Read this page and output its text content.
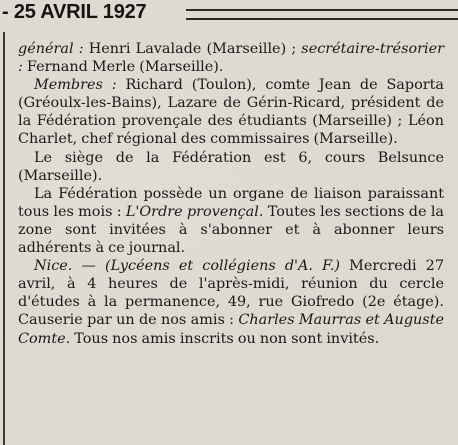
- 25 AVRIL 1927

général : Henri Lavalade (Marseille) ; secrétaire-trésorier : Fernand Merle (Marseille).

Membres : Richard (Toulon), comte Jean de Saporta (Gréoulx-les-Bains), Lazare de Gérin-Ricard, président de la Fédération provençale des étudiants (Marseille) ; Léon Charlet, chef régional des commissaires (Marseille).

Le siège de la Fédération est 6, cours Belsunce (Marseille).

La Fédération possède un organe de liaison paraissant tous les mois : L'Ordre provençal. Toutes les sections de la zone sont invitées à s'abonner et à abonner leurs adhérents à ce journal.

Nice. — (Lycéens et collégiens d'A. F.) Mercredi 27 avril, à 4 heures de l'après-midi, réunion du cercle d'études à la permanence, 49, rue Giofredo (2e étage). Causerie par un de nos amis : Charles Maurras et Auguste Comte. Tous nos amis inscrits ou non sont invités.
